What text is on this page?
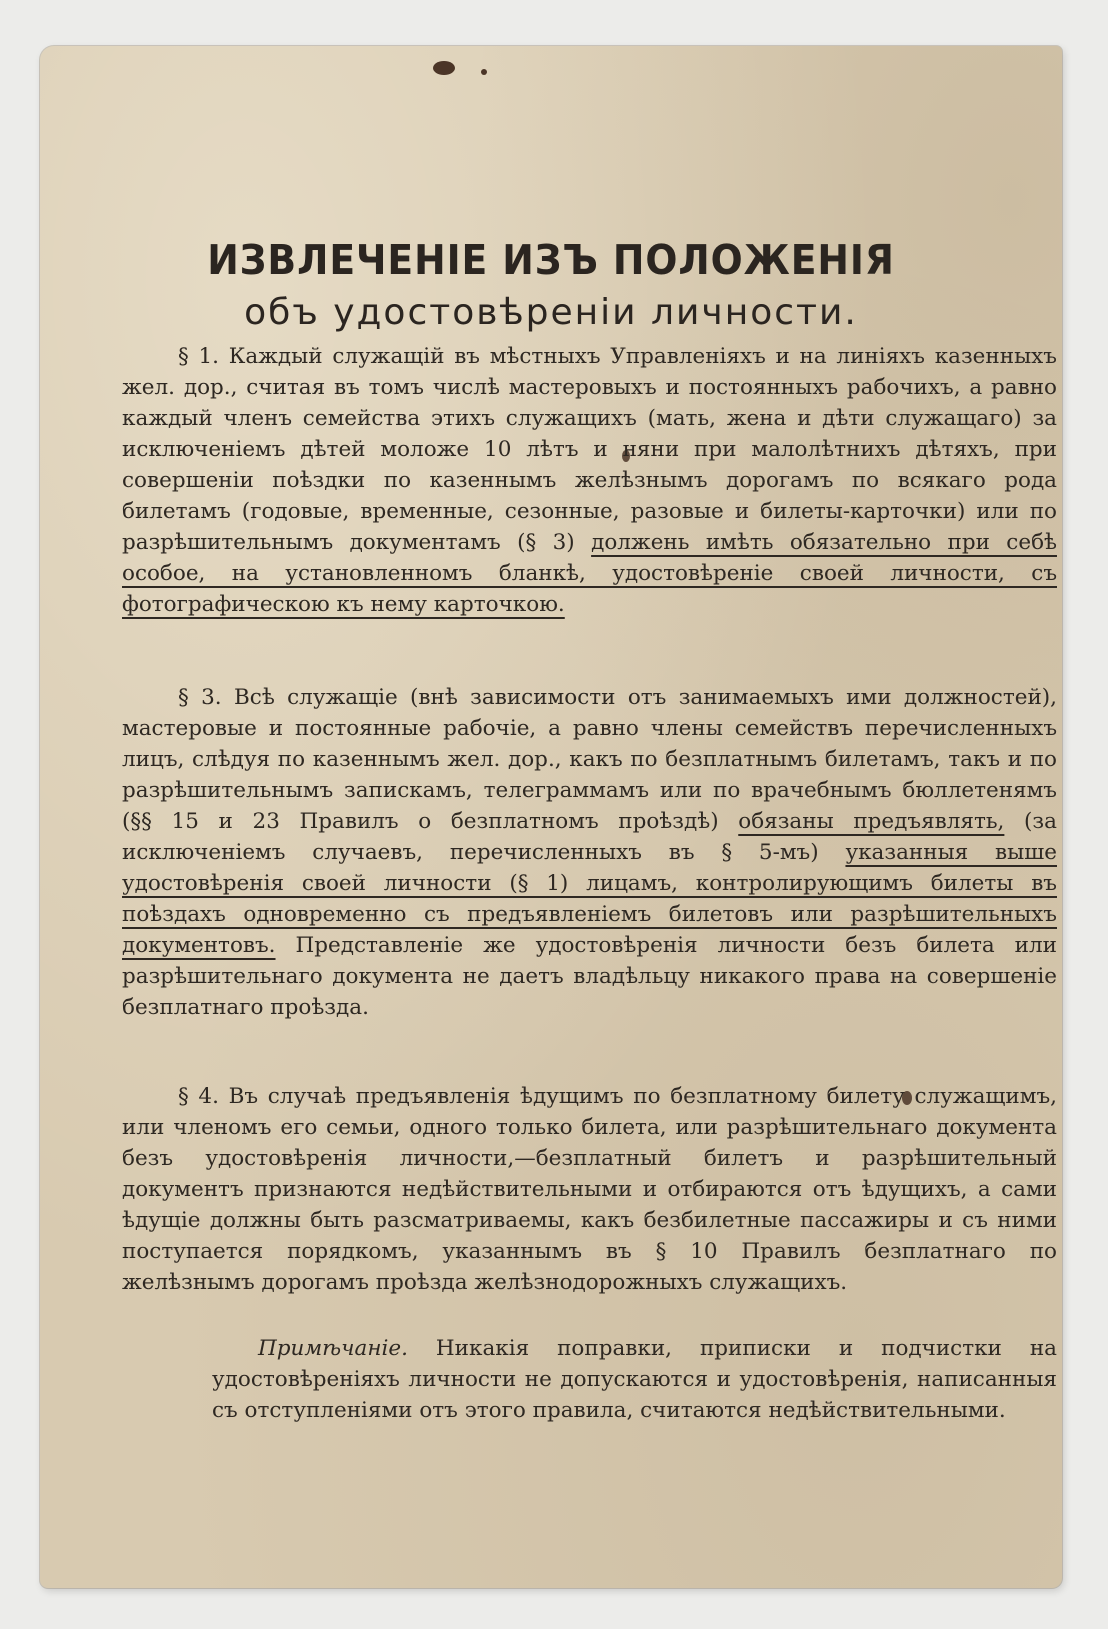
ИЗВЛЕЧЕНІЕ ИЗЪ ПОЛОЖЕНІЯ
объ удостовѣреніи личности.
§ 1. Каждый служащій въ мѣстныхъ Управленіяхъ и на линіяхъ казенныхъ жел. дор., считая въ томъ числѣ мастеровыхъ и постоянныхъ рабочихъ, а равно каждый членъ семейства этихъ служащихъ (мать, жена и дѣти служащаго) за исключеніемъ дѣтей моложе 10 лѣтъ и няни при малолѣтнихъ дѣтяхъ, при совершеніи поѣздки по казеннымъ желѣзнымъ дорогамъ по всякаго рода билетамъ (годовые, временные, сезонные, разовые и билеты-карточки) или по разрѣшительнымъ документамъ (§ 3) должень имѣть обязательно при себѣ особое, на установленномъ бланкѣ, удостовѣреніе своей личности, съ фотографическою къ нему карточкою.
§ 3. Всѣ служащіе (внѣ зависимости отъ занимаемыхъ ими должностей), мастеровые и постоянные рабочіе, а равно члены семействъ перечисленныхъ лицъ, слѣдуя по казеннымъ жел. дор., какъ по безплатнымъ билетамъ, такъ и по разрѣшительнымъ запискамъ, телеграммамъ или по врачебнымъ бюллетенямъ (§§ 15 и 23 Правилъ о безплатномъ проѣздѣ) обязаны предъявлять, (за исключеніемъ случаевъ, перечисленныхъ въ § 5-мъ) указанныя выше удостовѣренія своей личности (§ 1) лицамъ, контролирующимъ билеты въ поѣздахъ одновременно съ предъявленіемъ билетовъ или разрѣшительныхъ документовъ. Представленіе же удостовѣренія личности безъ билета или разрѣшительнаго документа не даетъ владѣльцу никакого права на совершеніе безплатнаго проѣзда.
§ 4. Въ случаѣ предъявленія ѣдущимъ по безплатному билету служащимъ, или членомъ его семьи, одного только билета, или разрѣшительнаго документа безъ удостовѣренія личности,—безплатный билетъ и разрѣшительный документъ признаются недѣйствительными и отбираются отъ ѣдущихъ, а сами ѣдущіе должны быть разсматриваемы, какъ безбилетные пассажиры и съ ними поступается порядкомъ, указаннымъ въ § 10 Правилъ безплатнаго по желѣзнымъ дорогамъ проѣзда желѣзнодорожныхъ служащихъ.
Примѣчаніе. Никакія поправки, приписки и подчистки на удостовѣреніяхъ личности не допускаются и удостовѣренія, написанныя съ отступленіями отъ этого правила, считаются недѣйствительными.
